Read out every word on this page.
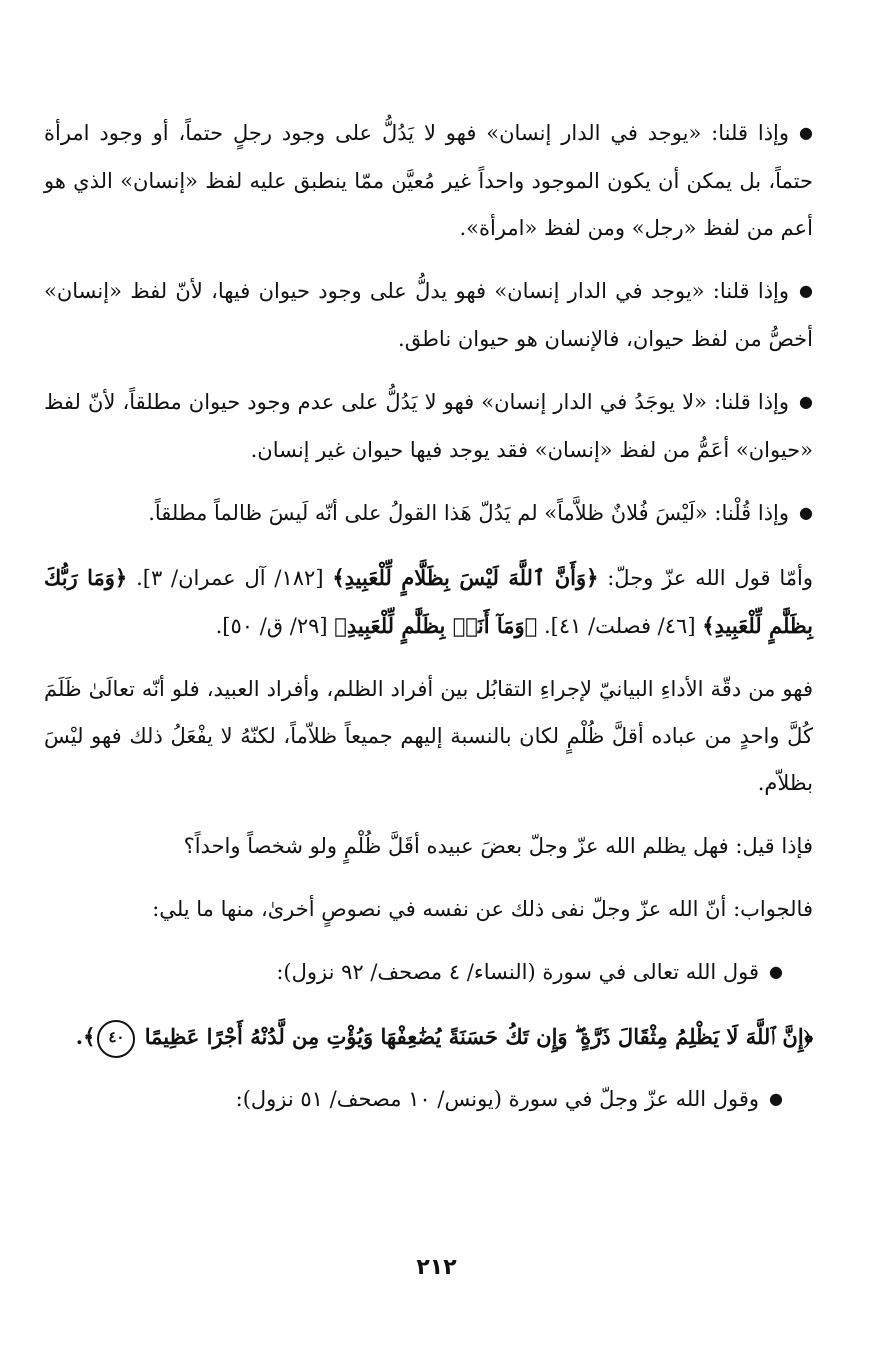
●وإذا قلنا: «يوجد في الدار إنسان» فهو لا يَدُلُّ على وجود رجلٍ حتماً، أو وجود امرأة حتماً، بل يمكن أن يكون الموجود واحداً غير مُعيَّن ممّا ينطبق عليه لفظ «إنسان» الذي هو أعم من لفظ «رجل» ومن لفظ «امرأة».

●وإذا قلنا: «يوجد في الدار إنسان» فهو يدلُّ على وجود حيوان فيها، لأنّ لفظ «إنسان» أخصُّ من لفظ حيوان، فالإنسان هو حيوان ناطق.

●وإذا قلنا: «لا يوجَدُ في الدار إنسان» فهو لا يَدُلُّ على عدم وجود حيوان مطلقاً، لأنّ لفظ «حيوان» أعَمُّ من لفظ «إنسان» فقد يوجد فيها حيوان غير إنسان.

●وإذا قُلْنا: «لَيْسَ فُلانٌ ظلاَّماً» لم يَدُلّ هَذا القولُ على أنّه لَيسَ ظالماً مطلقاً.

وأمّا قول الله عزّ وجلّ: ﴿وَأَنَّ ٱللَّهَ لَيْسَ بِظَلَّامٍ لِّلْعَبِيدِ﴾ [١٨٢/ آل عمران/ ٣]. ﴿وَمَا رَبُّكَ بِظَلَّٰمٍ لِّلْعَبِيدِ﴾ [٤٦/ فصلت/ ٤١]. ﴿وَمَآ أَنَا۠ بِظَلَّٰمٍ لِّلْعَبِيدِ﴾ [٢٩/ ق/ ٥٠].

فهو من دقّة الأداءِ البيانيّ لإجراءِ التقابُل بين أفراد الظلم، وأفراد العبيد، فلو أنّه تعالَىٰ ظَلَمَ كُلَّ واحدٍ من عباده أقلَّ ظُلْمٍ لكان بالنسبة إليهم جميعاً ظلاّماً، لكنّهُ لا يفْعَلُ ذلك فهو ليْسَ بظلاّم.

فإذا قيل: فهل يظلم الله عزّ وجلّ بعضَ عبيده أقَلَّ ظُلْمٍ ولو شخصاً واحداً؟

فالجواب: أنّ الله عزّ وجلّ نفى ذلك عن نفسه في نصوصٍ أخرىٰ، منها ما يلي:

●قول الله تعالى في سورة (النساء/ ٤ مصحف/ ٩٢ نزول):

﴿إِنَّ ٱللَّهَ لَا يَظْلِمُ مِثْقَالَ ذَرَّةٍ ۖ وَإِن تَكُ حَسَنَةً يُضَٰعِفْهَا وَيُؤْتِ مِن لَّدُنْهُ أَجْرًا عَظِيمًا ٤٠﴾.

●وقول الله عزّ وجلّ في سورة (يونس/ ١٠ مصحف/ ٥١ نزول):

٢١٢
